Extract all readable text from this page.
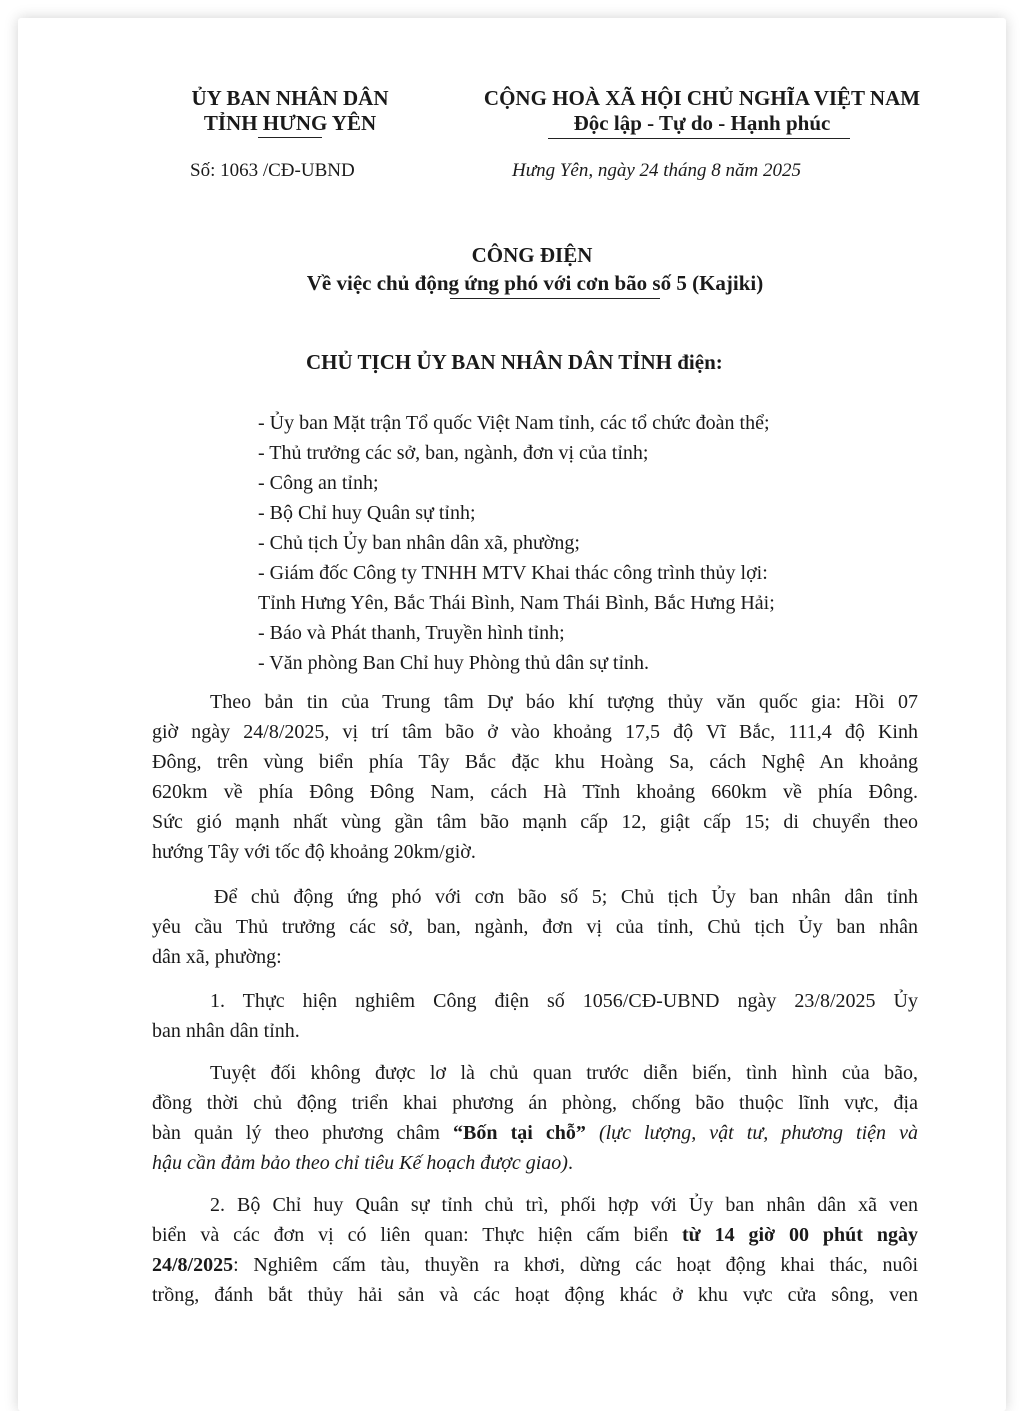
ỦY BAN NHÂN DÂN
TỈNH HƯNG YÊN
Số: 1063 /CĐ-UBND
CỘNG HOÀ XÃ HỘI CHỦ NGHĨA VIỆT NAM
Độc lập - Tự do - Hạnh phúc
Hưng Yên, ngày 24 tháng 8 năm 2025
CÔNG ĐIỆN
Về việc chủ động ứng phó với cơn bão số 5 (Kajiki)
CHỦ TỊCH ỦY BAN NHÂN DÂN TỈNH điện:
- Ủy ban Mặt trận Tổ quốc Việt Nam tỉnh, các tổ chức đoàn thể;
- Thủ trưởng các sở, ban, ngành, đơn vị của tỉnh;
- Công an tỉnh;
- Bộ Chỉ huy Quân sự tỉnh;
- Chủ tịch Ủy ban nhân dân xã, phường;
- Giám đốc Công ty TNHH MTV Khai thác công trình thủy lợi:
Tỉnh Hưng Yên, Bắc Thái Bình, Nam Thái Bình, Bắc Hưng Hải;
- Báo và Phát thanh, Truyền hình tỉnh;
- Văn phòng Ban Chỉ huy Phòng thủ dân sự tỉnh.
Theo bản tin của Trung tâm Dự báo khí tượng thủy văn quốc gia: Hồi 07
giờ ngày 24/8/2025, vị trí tâm bão ở vào khoảng 17,5 độ Vĩ Bắc, 111,4 độ Kinh
Đông, trên vùng biển phía Tây Bắc đặc khu Hoàng Sa, cách Nghệ An khoảng
620km về phía Đông Đông Nam, cách Hà Tĩnh khoảng 660km về phía Đông.
Sức gió mạnh nhất vùng gần tâm bão mạnh cấp 12, giật cấp 15; di chuyển theo
hướng Tây với tốc độ khoảng 20km/giờ.
Để chủ động ứng phó với cơn bão số 5; Chủ tịch Ủy ban nhân dân tỉnh
yêu cầu Thủ trưởng các sở, ban, ngành, đơn vị của tỉnh, Chủ tịch Ủy ban nhân
dân xã, phường:
1. Thực hiện nghiêm Công điện số 1056/CĐ-UBND ngày 23/8/2025 Ủy
ban nhân dân tỉnh.
Tuyệt đối không được lơ là chủ quan trước diễn biến, tình hình của bão,
đồng thời chủ động triển khai phương án phòng, chống bão thuộc lĩnh vực, địa
bàn quản lý theo phương châm “Bốn tại chỗ” (lực lượng, vật tư, phương tiện và
hậu cần đảm bảo theo chỉ tiêu Kế hoạch được giao).
2. Bộ Chỉ huy Quân sự tỉnh chủ trì, phối hợp với Ủy ban nhân dân xã ven
biển và các đơn vị có liên quan: Thực hiện cấm biển từ 14 giờ 00 phút ngày
24/8/2025: Nghiêm cấm tàu, thuyền ra khơi, dừng các hoạt động khai thác, nuôi
trồng, đánh bắt thủy hải sản và các hoạt động khác ở khu vực cửa sông, ven
